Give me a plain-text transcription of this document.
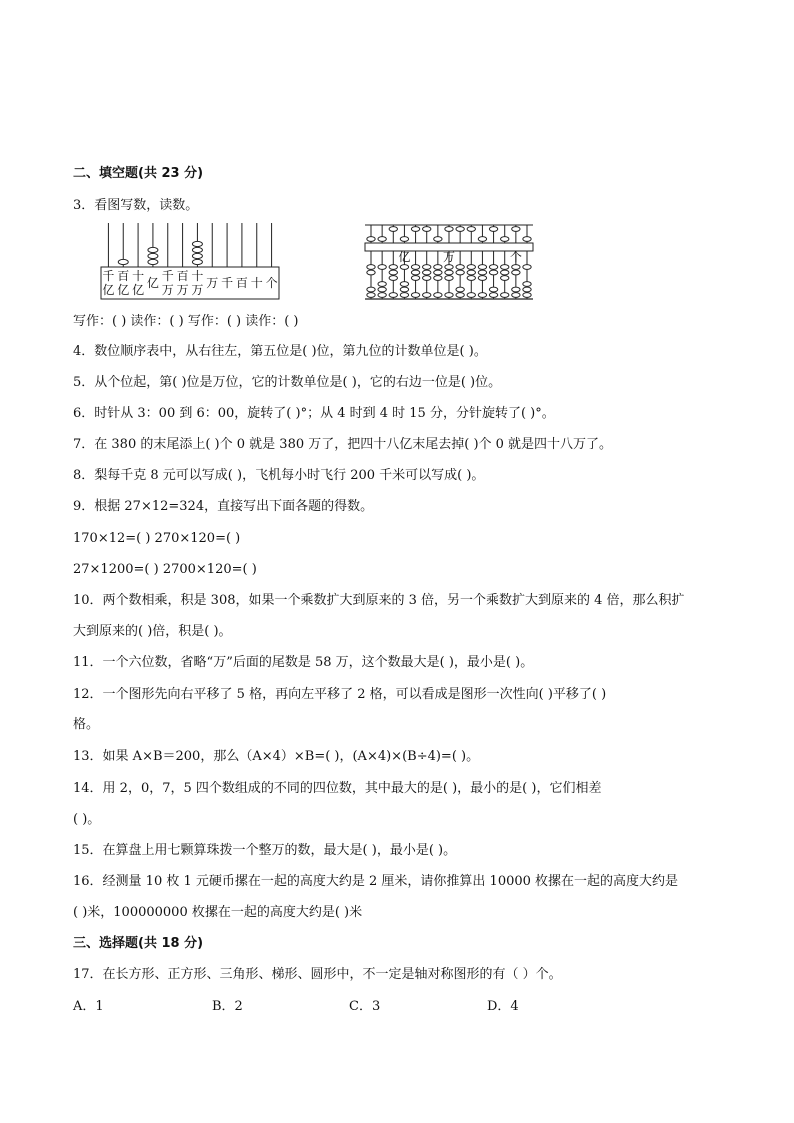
二、填空题(共 23 分)
3．看图写数，读数。
千
亿
百
亿
十
亿 亿 千
万
百
万
十
万 万 千 百 十 个
亿	万	个
写作：( ) 读作：( ) 写作：( ) 读作：( )
4．数位顺序表中，从右往左，第五位是( )位，第九位的计数单位是( )。
5．从个位起，第( )位是万位，它的计数单位是( )，它的右边一位是( )位。
6．时针从 3：00 到 6：00，旋转了( )°；从 4 时到 4 时 15 分，分针旋转了( )°。
7．在 380 的末尾添上( )个 0 就是 380 万了，把四十八亿末尾去掉( )个 0 就是四十八万了。
8．梨每千克 8 元可以写成( )，飞机每小时飞行 200 千米可以写成( )。
9．根据 27×12=324，直接写出下面各题的得数。
170×12=( ) 270×120=( )
27×1200=( ) 2700×120=( )
10．两个数相乘，积是 308，如果一个乘数扩大到原来的 3 倍，另一个乘数扩大到原来的 4 倍，那么积扩
大到原来的( )倍，积是( )。
11．一个六位数，省略“万”后面的尾数是 58 万，这个数最大是( )，最小是( )。
12．一个图形先向右平移了 5 格，再向左平移了 2 格，可以看成是图形一次性向( )平移了( )
格。
13．如果 A×B＝200，那么（A×4）×B=( )，(A×4)×(B÷4)=( )。
14．用 2，0，7，5 四个数组成的不同的四位数，其中最大的是( )，最小的是( )，它们相差
( )。
15．在算盘上用七颗算珠拨一个整万的数，最大是( )，最小是( )。
16．经测量 10 枚 1 元硬币摞在一起的高度大约是 2 厘米，请你推算出 10000 枚摞在一起的高度大约是
( )米，100000000 枚摞在一起的高度大约是( )米
三、选择题(共 18 分)
17．在长方形、正方形、三角形、梯形、圆形中，不一定是轴对称图形的有（ ）个。
A．1	B．2	C．3	D．4
